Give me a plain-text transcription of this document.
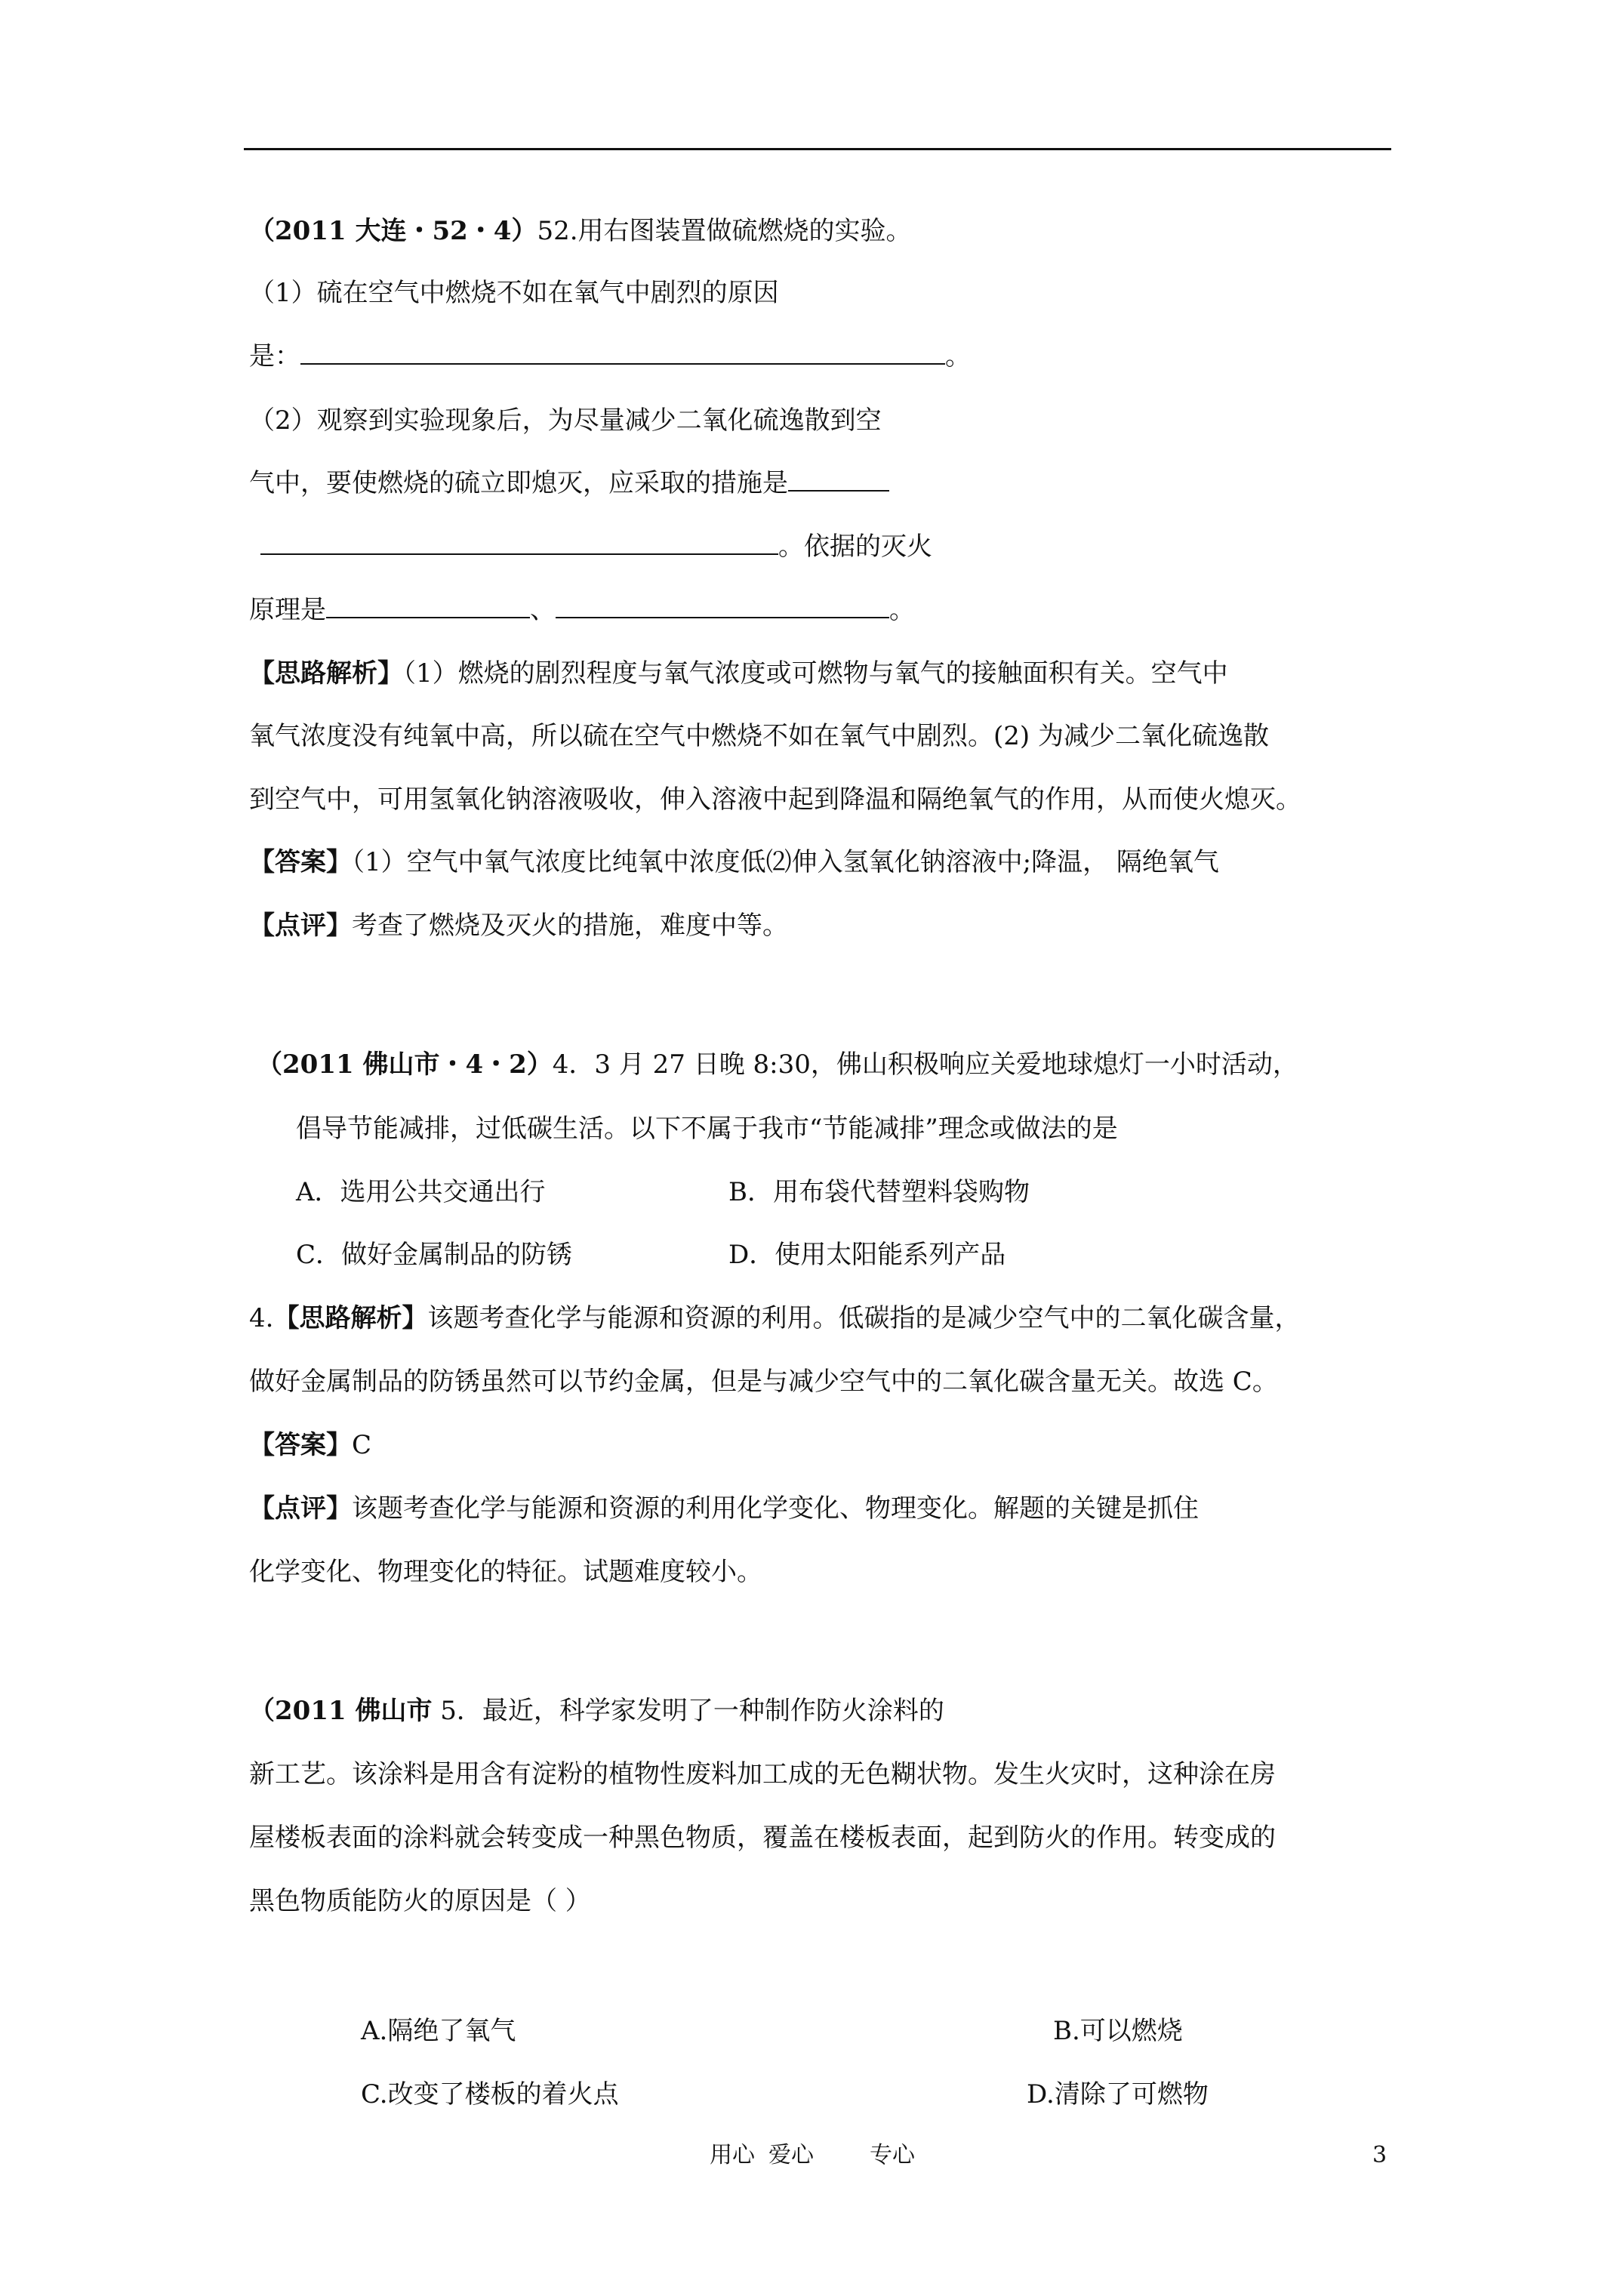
（2011 大连・52・4）52.用右图装置做硫燃烧的实验。
（1）硫在空气中燃烧不如在氧气中剧烈的原因
是：	。
（2）观察到实验现象后，为尽量减少二氧化硫逸散到空
气中，要使燃烧的硫立即熄灭，应采取的措施是
。依据的灭火
原理是	、	。
【思路解析】（1）燃烧的剧烈程度与氧气浓度或可燃物与氧气的接触面积有关。空气中
氧气浓度没有纯氧中高，所以硫在空气中燃烧不如在氧气中剧烈。(2) 为减少二氧化硫逸散
到空气中，可用氢氧化钠溶液吸收，伸入溶液中起到降温和隔绝氧气的作用，从而使火熄灭。
【答案】（1）空气中氧气浓度比纯氧中浓度低⑵伸入氢氧化钠溶液中;降温， 隔绝氧气
【点评】考查了燃烧及灭火的措施，难度中等。
（2011 佛山市・4・2）4．3 月 27 日晚 8:30，佛山积极响应关爱地球熄灯一小时活动，
倡导节能减排，过低碳生活。以下不属于我市“节能减排”理念或做法的是
A．选用公共交通出行	B．用布袋代替塑料袋购物
C．做好金属制品的防锈	D．使用太阳能系列产品
4.【思路解析】该题考查化学与能源和资源的利用。低碳指的是减少空气中的二氧化碳含量，
做好金属制品的防锈虽然可以节约金属，但是与减少空气中的二氧化碳含量无关。故选 C。
【答案】C
【点评】该题考查化学与能源和资源的利用化学变化、物理变化。解题的关键是抓住
化学变化、物理变化的特征。试题难度较小。
（2011 佛山市 5．最近，科学家发明了一种制作防火涂料的
新工艺。该涂料是用含有淀粉的植物性废料加工成的无色糊状物。发生火灾时，这种涂在房
屋楼板表面的涂料就会转变成一种黑色物质，覆盖在楼板表面，起到防火的作用。转变成的
黑色物质能防火的原因是（ ）
A.隔绝了氧气	B.可以燃烧
C.改变了楼板的着火点	D.清除了可燃物
用心 爱心 专心	3
